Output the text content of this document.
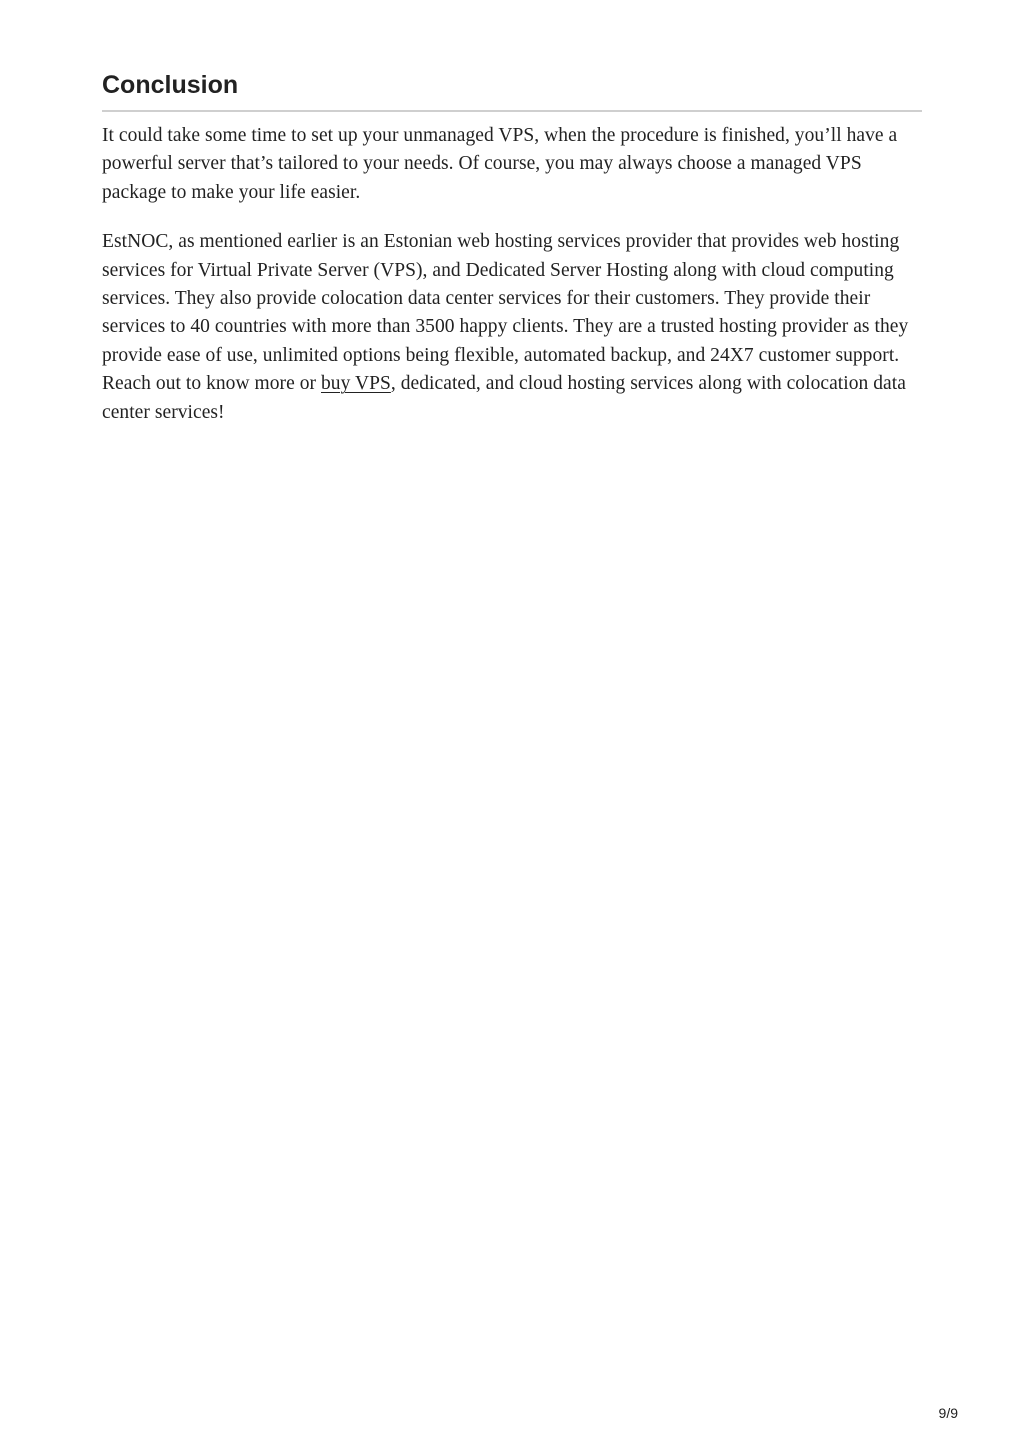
Conclusion

It could take some time to set up your unmanaged VPS, when the procedure is finished, you’ll have a powerful server that’s tailored to your needs. Of course, you may always choose a managed VPS package to make your life easier.

EstNOC, as mentioned earlier is an Estonian web hosting services provider that provides web hosting services for Virtual Private Server (VPS), and Dedicated Server Hosting along with cloud computing services. They also provide colocation data center services for their customers. They provide their services to 40 countries with more than 3500 happy clients. They are a trusted hosting provider as they provide ease of use, unlimited options being flexible, automated backup, and 24X7 customer support. Reach out to know more or buy VPS, dedicated, and cloud hosting services along with colocation data center services!

9/9
